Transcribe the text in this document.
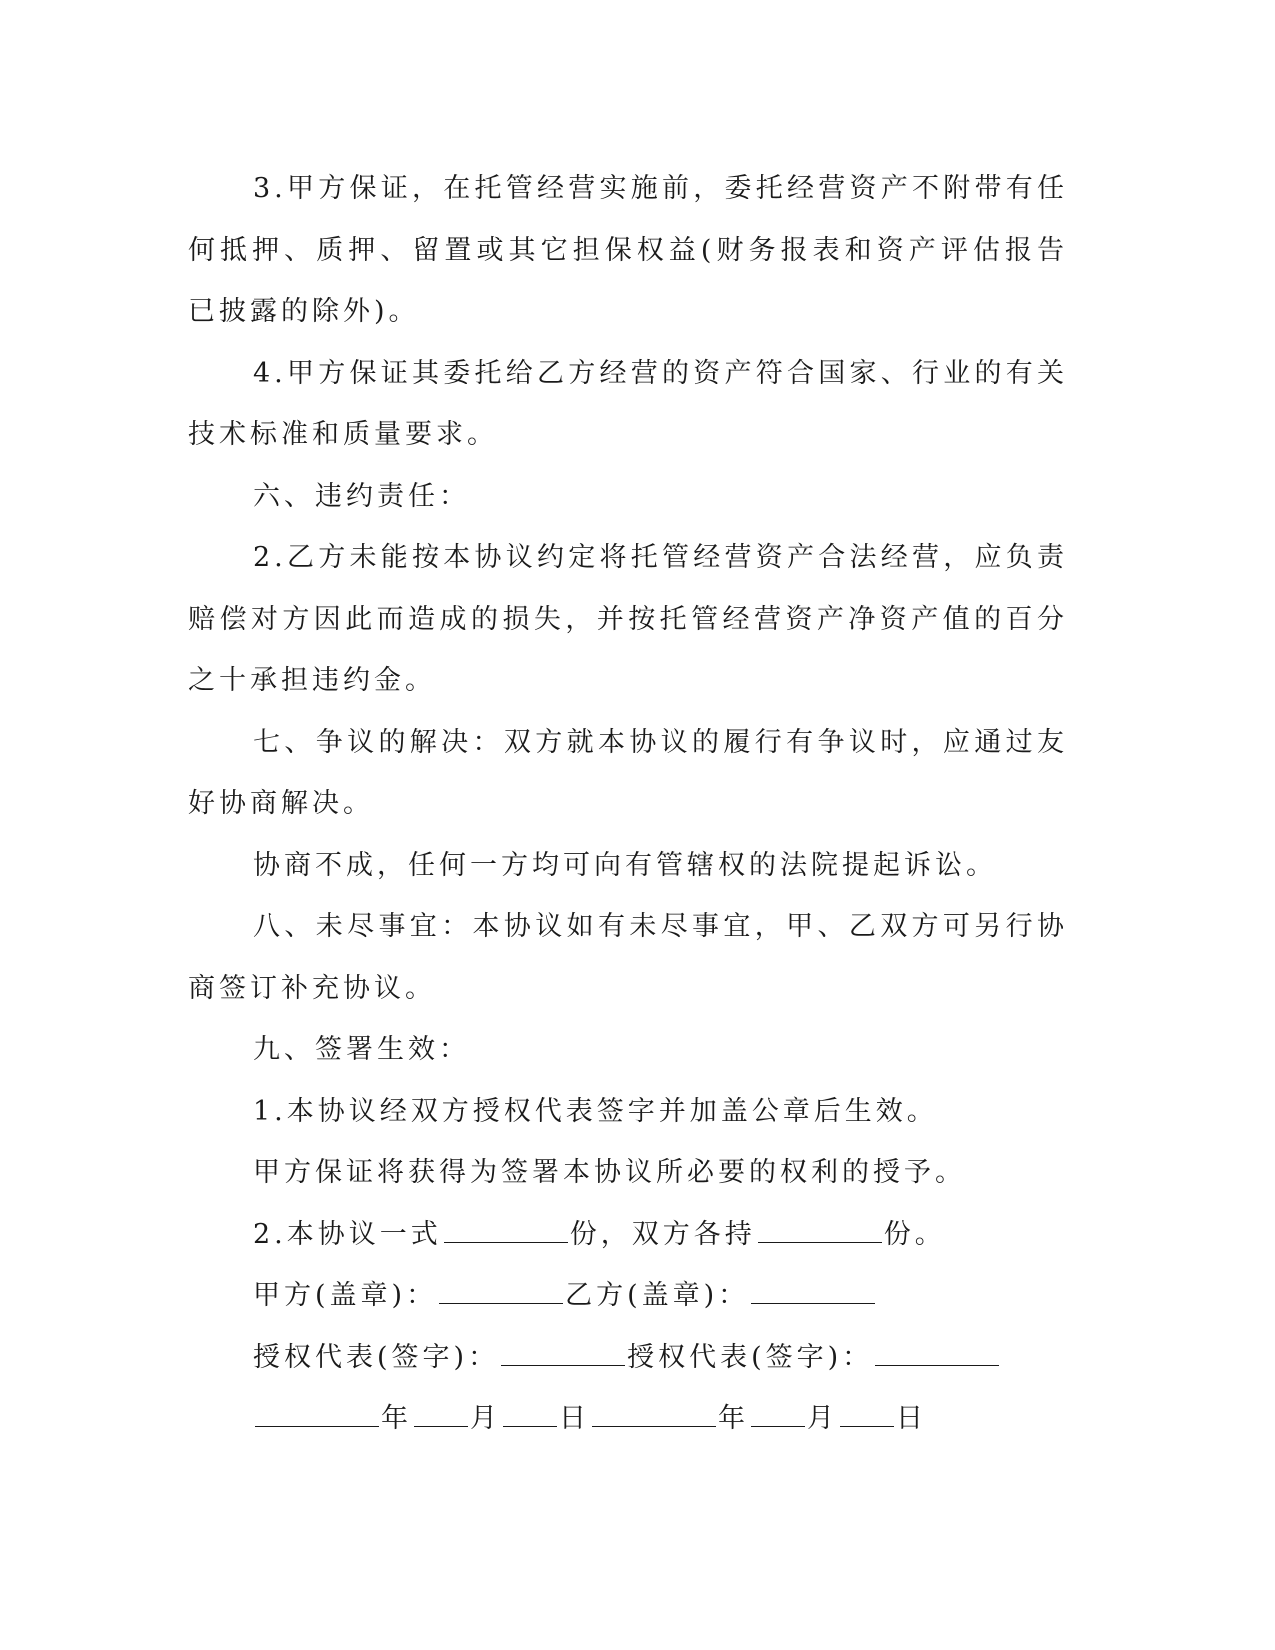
3.甲方保证，在托管经营实施前，委托经营资产不附带有任何抵押、质押、留置或其它担保权益(财务报表和资产评估报告已披露的除外)。

4.甲方保证其委托给乙方经营的资产符合国家、行业的有关技术标准和质量要求。

六、违约责任：

2.乙方未能按本协议约定将托管经营资产合法经营，应负责赔偿对方因此而造成的损失，并按托管经营资产净资产值的百分之十承担违约金。

七、争议的解决：双方就本协议的履行有争议时，应通过友好协商解决。

协商不成，任何一方均可向有管辖权的法院提起诉讼。

八、未尽事宜：本协议如有未尽事宜，甲、乙双方可另行协商签订补充协议。

九、签署生效：

1.本协议经双方授权代表签字并加盖公章后生效。

甲方保证将获得为签署本协议所必要的权利的授予。

2.本协议一式	份，双方各持	份。

甲方(盖章)：	乙方(盖章)：

授权代表(签字)：	授权代表(签字)：

年 月 日	年 月 日
